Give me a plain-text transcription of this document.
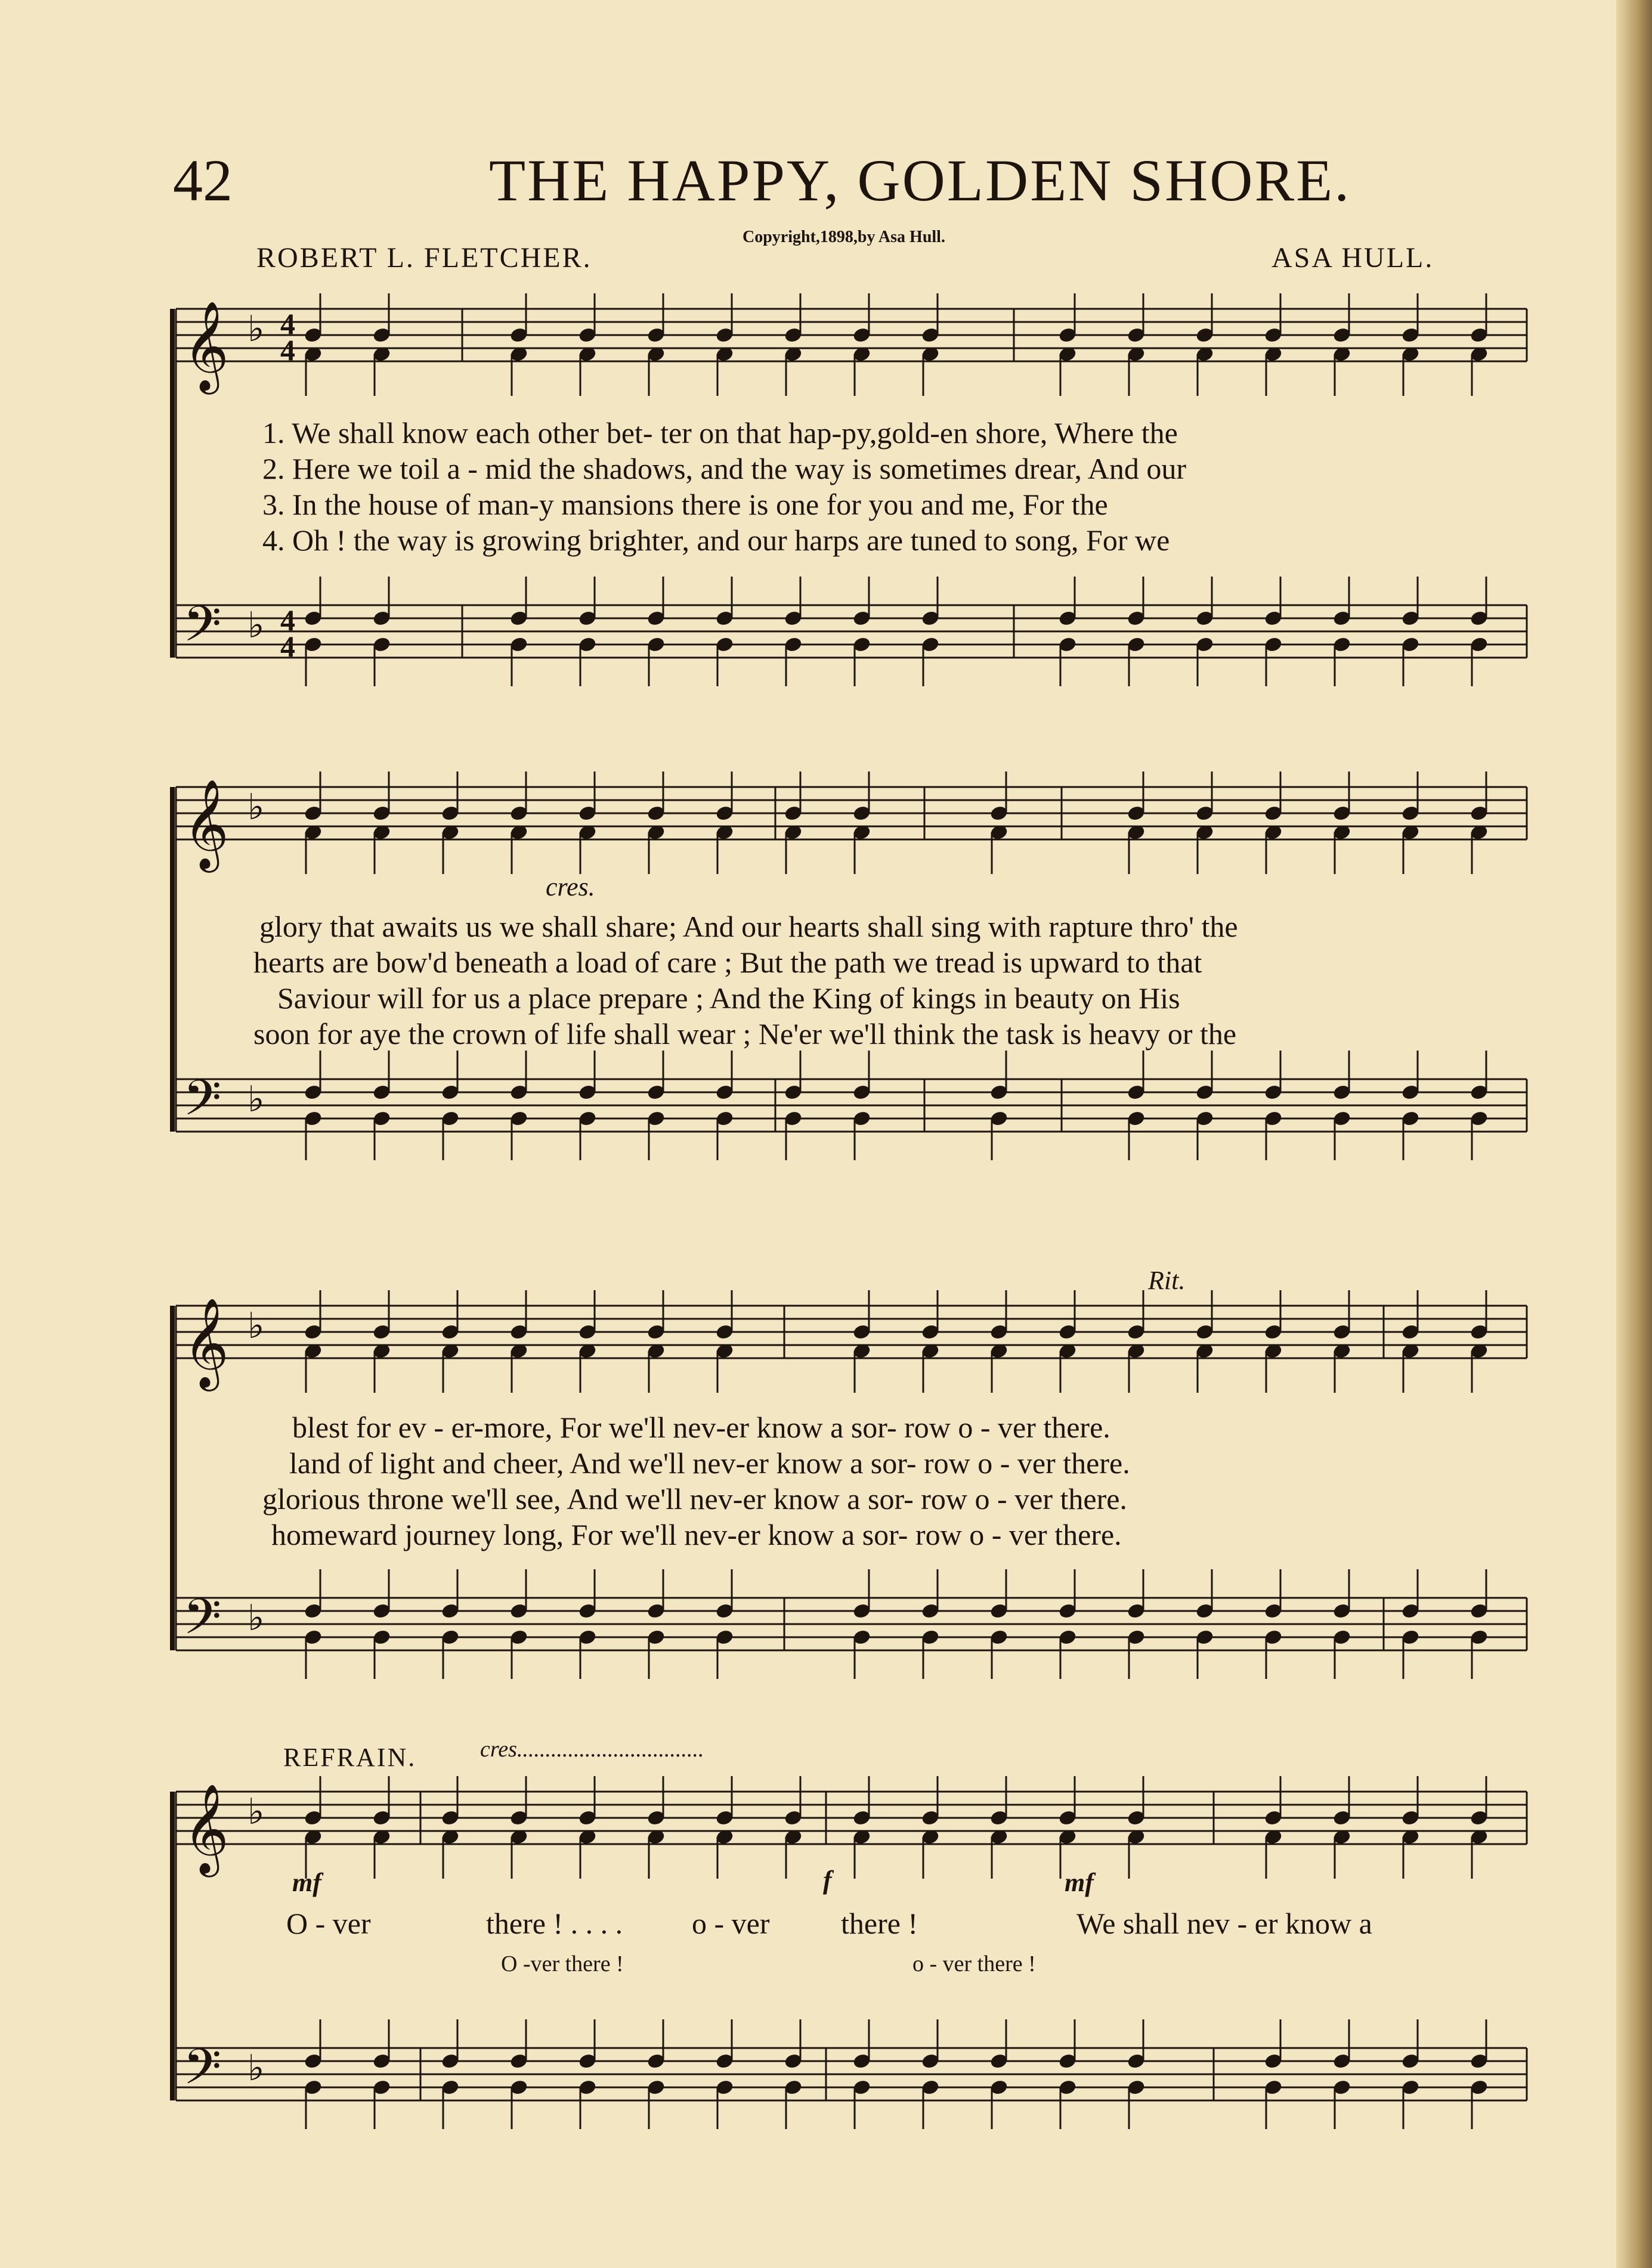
42	THE HAPPY, GOLDEN SHORE.
Copyright,1898,by Asa Hull.
ROBERT L. FLETCHER.	ASA HULL.
1. We shall know each other bet- ter on that hap-py,gold-en shore, Where the
2. Here we toil a - mid the shadows, and the way is sometimes drear, And our
3. In the house of man-y mansions there is one for you and me, For the
4. Oh ! the way is growing brighter, and our harps are tuned to song, For we
cres.
glory that awaits us we shall share; And our hearts shall sing with rapture thro' the
hearts are bow'd beneath a load of care ; But the path we tread is upward to that
Saviour will for us a place prepare ; And the King of kings in beauty on His
soon for aye the crown of life shall wear ; Ne'er we'll think the task is heavy or the
Rit.
blest for ev - er-more, For we'll nev-er know a sor- row o - ver there.
land of light and cheer, And we'll nev-er know a sor- row o - ver there.
glorious throne we'll see, And we'll nev-er know a sor- row o - ver there.
homeward journey long, For we'll nev-er know a sor- row o - ver there.
REFRAIN.	cres.................................
mf	f	mf
O - ver	there ! . . . . o - ver there !	We shall nev - er know a
O -ver there !	o - ver there !
𝄞 ♭
𝄢 ♭
𝄞 ♭
𝄢 ♭
𝄞 ♭
𝄢 ♭
𝄞 ♭
𝄢 ♭
4
4
4
4
